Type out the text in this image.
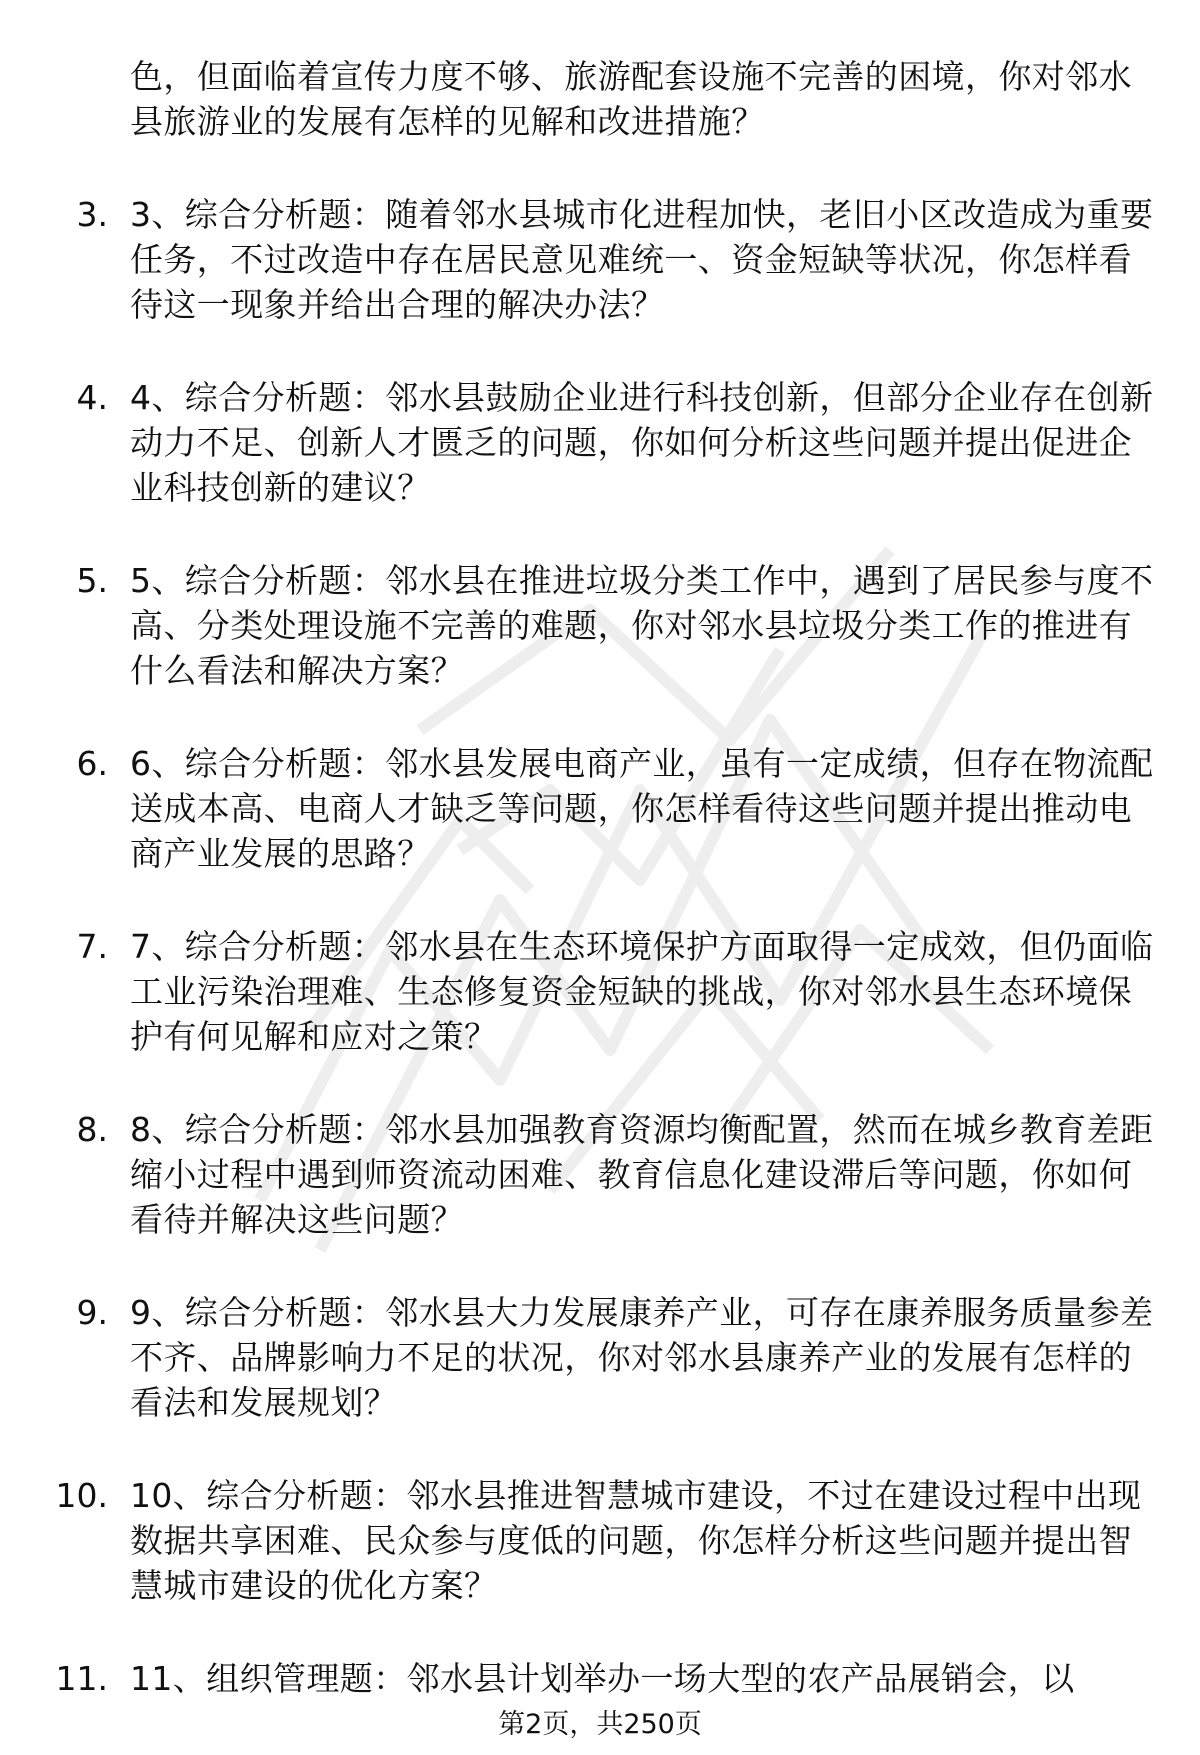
色，但面临着宣传力度不够、旅游配套设施不完善的困境，你对邻水县旅游业的发展有怎样的见解和改进措施？
3. 3、综合分析题：随着邻水县城市化进程加快，老旧小区改造成为重要任务，不过改造中存在居民意见难统一、资金短缺等状况，你怎样看待这一现象并给出合理的解决办法？
4. 4、综合分析题：邻水县鼓励企业进行科技创新，但部分企业存在创新动力不足、创新人才匮乏的问题，你如何分析这些问题并提出促进企业科技创新的建议？
5. 5、综合分析题：邻水县在推进垃圾分类工作中，遇到了居民参与度不高、分类处理设施不完善的难题，你对邻水县垃圾分类工作的推进有什么看法和解决方案？
6. 6、综合分析题：邻水县发展电商产业，虽有一定成绩，但存在物流配送成本高、电商人才缺乏等问题，你怎样看待这些问题并提出推动电商产业发展的思路？
7. 7、综合分析题：邻水县在生态环境保护方面取得一定成效，但仍面临工业污染治理难、生态修复资金短缺的挑战，你对邻水县生态环境保护有何见解和应对之策？
8. 8、综合分析题：邻水县加强教育资源均衡配置，然而在城乡教育差距缩小过程中遇到师资流动困难、教育信息化建设滞后等问题，你如何看待并解决这些问题？
9. 9、综合分析题：邻水县大力发展康养产业，可存在康养服务质量参差不齐、品牌影响力不足的状况，你对邻水县康养产业的发展有怎样的看法和发展规划？
10. 10、综合分析题：邻水县推进智慧城市建设，不过在建设过程中出现数据共享困难、民众参与度低的问题，你怎样分析这些问题并提出智慧城市建设的优化方案？
11. 11、组织管理题：邻水县计划举办一场大型的农产品展销会，以
第2页，共250页
